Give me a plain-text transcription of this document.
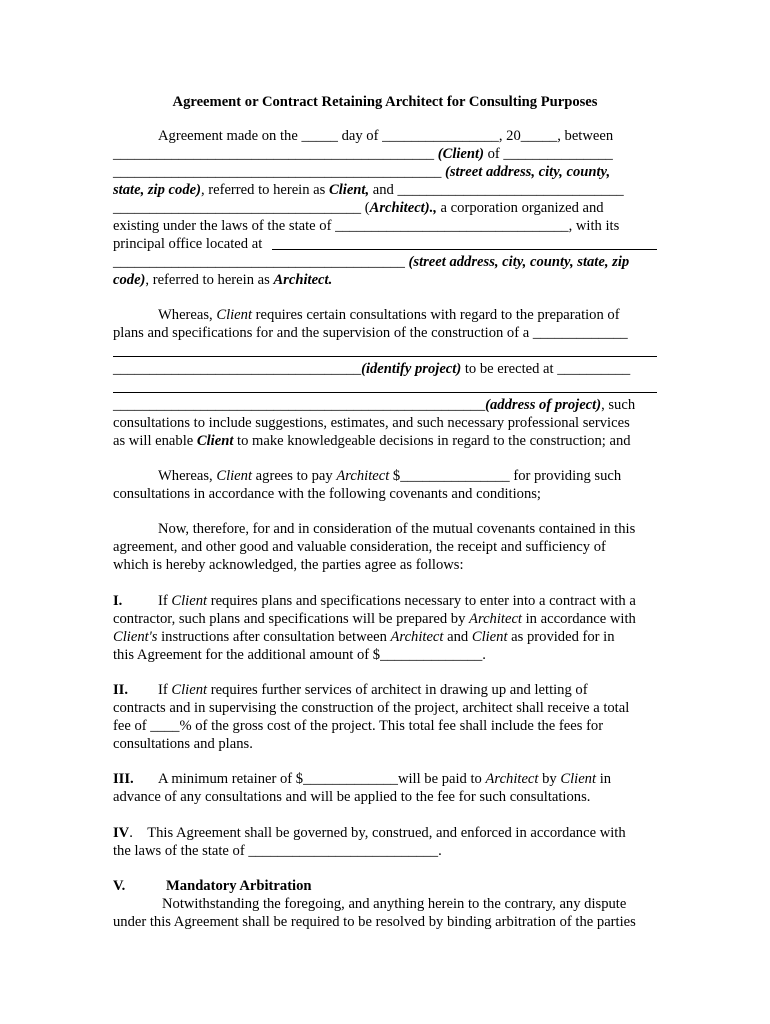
Agreement or Contract Retaining Architect for Consulting Purposes
Agreement made on the _____ day of ________________, 20_____, between
____________________________________________ (Client) of _______________
_____________________________________________ (street address, city, county,
state, zip code), referred to herein as Client, and _______________________________
__________________________________ (Architect)., a corporation organized and
existing under the laws of the state of ________________________________, with its
principal office located at
________________________________________ (street address, city, county, state, zip
code), referred to herein as Architect.
Whereas, Client requires certain consultations with regard to the preparation of
plans and specifications for and the supervision of the construction of a _____________
__________________________________(identify project) to be erected at __________
___________________________________________________(address of project), such
consultations to include suggestions, estimates, and such necessary professional services
as will enable Client to make knowledgeable decisions in regard to the construction; and
Whereas, Client agrees to pay Architect $_______________ for providing such
consultations in accordance with the following covenants and conditions;
Now, therefore, for and in consideration of the mutual covenants contained in this
agreement, and other good and valuable consideration, the receipt and sufficiency of
which is hereby acknowledged, the parties agree as follows:
I. If Client requires plans and specifications necessary to enter into a contract with a
contractor, such plans and specifications will be prepared by Architect in accordance with
Client's instructions after consultation between Architect and Client as provided for in
this Agreement for the additional amount of $______________.
II. If Client requires further services of architect in drawing up and letting of
contracts and in supervising the construction of the project, architect shall receive a total
fee of ____% of the gross cost of the project. This total fee shall include the fees for
consultations and plans.
III. A minimum retainer of $_____________will be paid to Architect by Client in
advance of any consultations and will be applied to the fee for such consultations.
IV.    This Agreement shall be governed by, construed, and enforced in accordance with
the laws of the state of __________________________.
V.	Mandatory Arbitration
Notwithstanding the foregoing, and anything herein to the contrary, any dispute
under this Agreement shall be required to be resolved by binding arbitration of the parties
